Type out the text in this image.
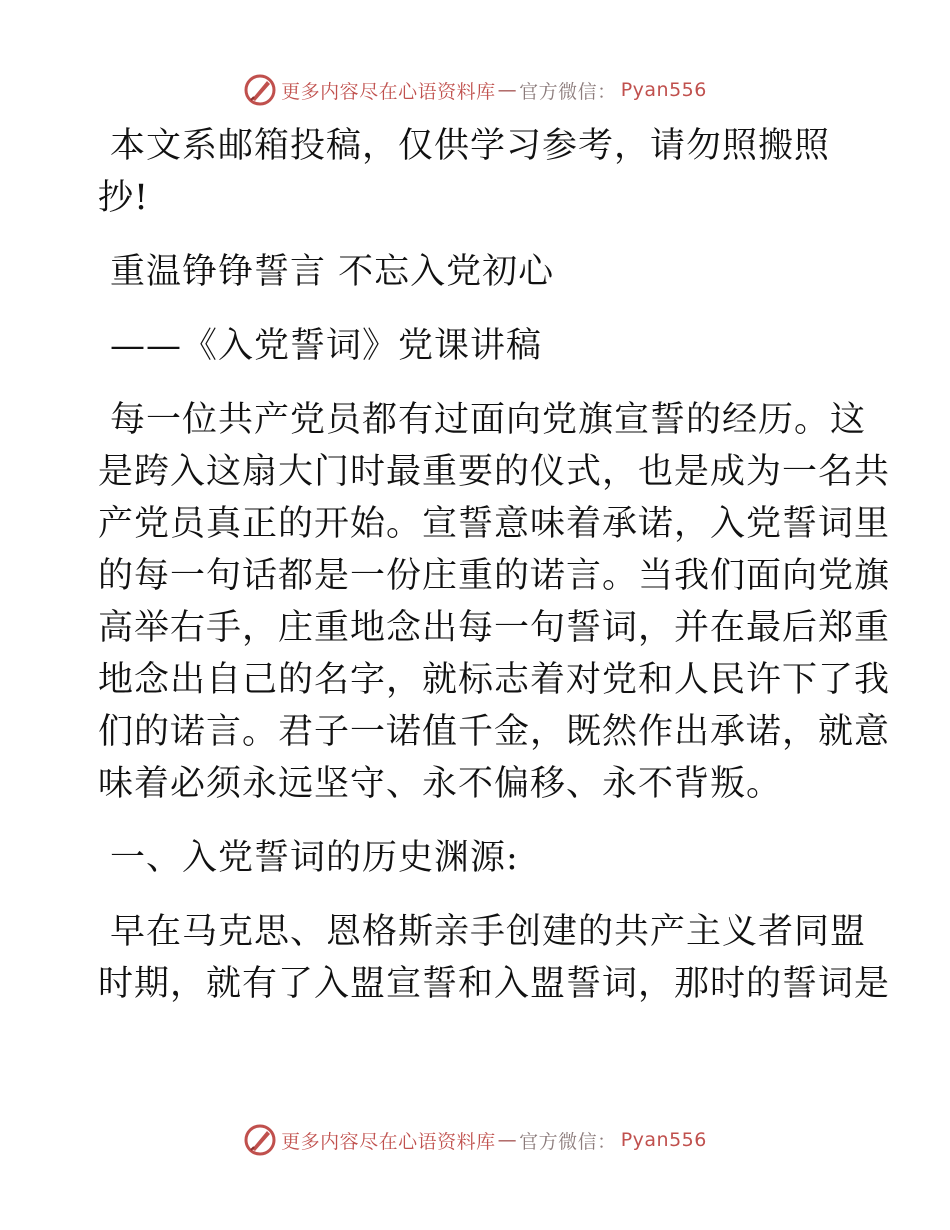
更多内容尽在心语资料库 — 官方微信： Pyan556

本文系邮箱投稿，仅供学习参考，请勿照搬照
抄!

重温铮铮誓言 不忘入党初心

——《入党誓词》党课讲稿

每一位共产党员都有过面向党旗宣誓的经历。这
是跨入这扇大门时最重要的仪式，也是成为一名共
产党员真正的开始。宣誓意味着承诺，入党誓词里
的每一句话都是一份庄重的诺言。当我们面向党旗
高举右手，庄重地念出每一句誓词，并在最后郑重
地念出自己的名字，就标志着对党和人民许下了我
们的诺言。君子一诺值千金，既然作出承诺，就意
味着必须永远坚守、永不偏移、永不背叛。

一、入党誓词的历史渊源:

早在马克思、恩格斯亲手创建的共产主义者同盟
时期，就有了入盟宣誓和入盟誓词，那时的誓词是

更多内容尽在心语资料库 — 官方微信： Pyan556
